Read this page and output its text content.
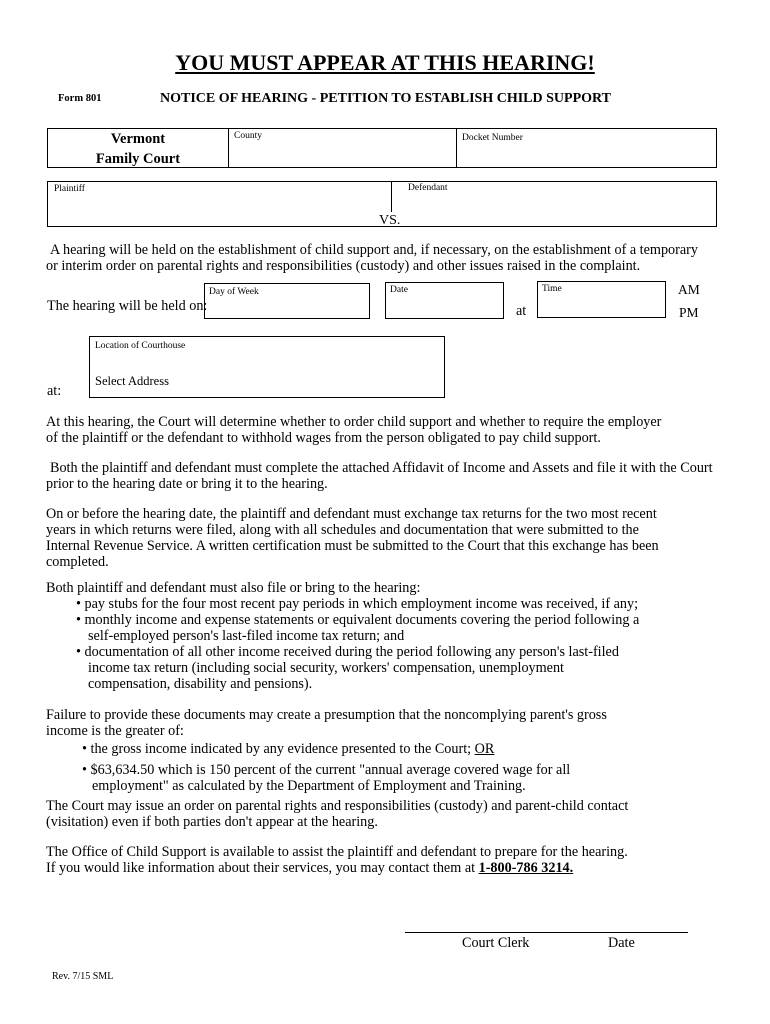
YOU MUST APPEAR AT THIS HEARING!
Form 801	NOTICE OF HEARING - PETITION TO ESTABLISH CHILD SUPPORT
Vermont
Family Court
County	Docket Number
Plaintiff	Defendant
VS.
A hearing will be held on the establishment of child support and, if necessary, on the establishment of a temporary
or interim order on parental rights and responsibilities (custody) and other issues raised in the complaint.
The hearing will be held on:
Day of Week	Date
at
Time	AM
PM
at:
Location of Courthouse
Select Address
At this hearing, the Court will determine whether to order child support and whether to require the employer
of the plaintiff or the defendant to withhold wages from the person obligated to pay child support.
Both the plaintiff and defendant must complete the attached Affidavit of Income and Assets and file it with the Court
prior to the hearing date or bring it to the hearing.
On or before the hearing date, the plaintiff and defendant must exchange tax returns for the two most recent
years in which returns were filed, along with all schedules and documentation that were submitted to the
Internal Revenue Service. A written certification must be submitted to the Court that this exchange has been
completed.
Both plaintiff and defendant must also file or bring to the hearing:
• pay stubs for the four most recent pay periods in which employment income was received, if any;
• monthly income and expense statements or equivalent documents covering the period following a
self-employed person's last-filed income tax return; and
• documentation of all other income received during the period following any person's last-filed
income tax return (including social security, workers' compensation, unemployment
compensation, disability and pensions).
Failure to provide these documents may create a presumption that the noncomplying parent's gross
income is the greater of:
• the gross income indicated by any evidence presented to the Court; OR
• $63,634.50 which is 150 percent of the current "annual average covered wage for all
employment" as calculated by the Department of Employment and Training.
The Court may issue an order on parental rights and responsibilities (custody) and parent-child contact
(visitation) even if both parties don't appear at the hearing.
The Office of Child Support is available to assist the plaintiff and defendant to prepare for the hearing.
If you would like information about their services, you may contact them at 1-800-786 3214.
Court Clerk	Date
Rev. 7/15 SML
